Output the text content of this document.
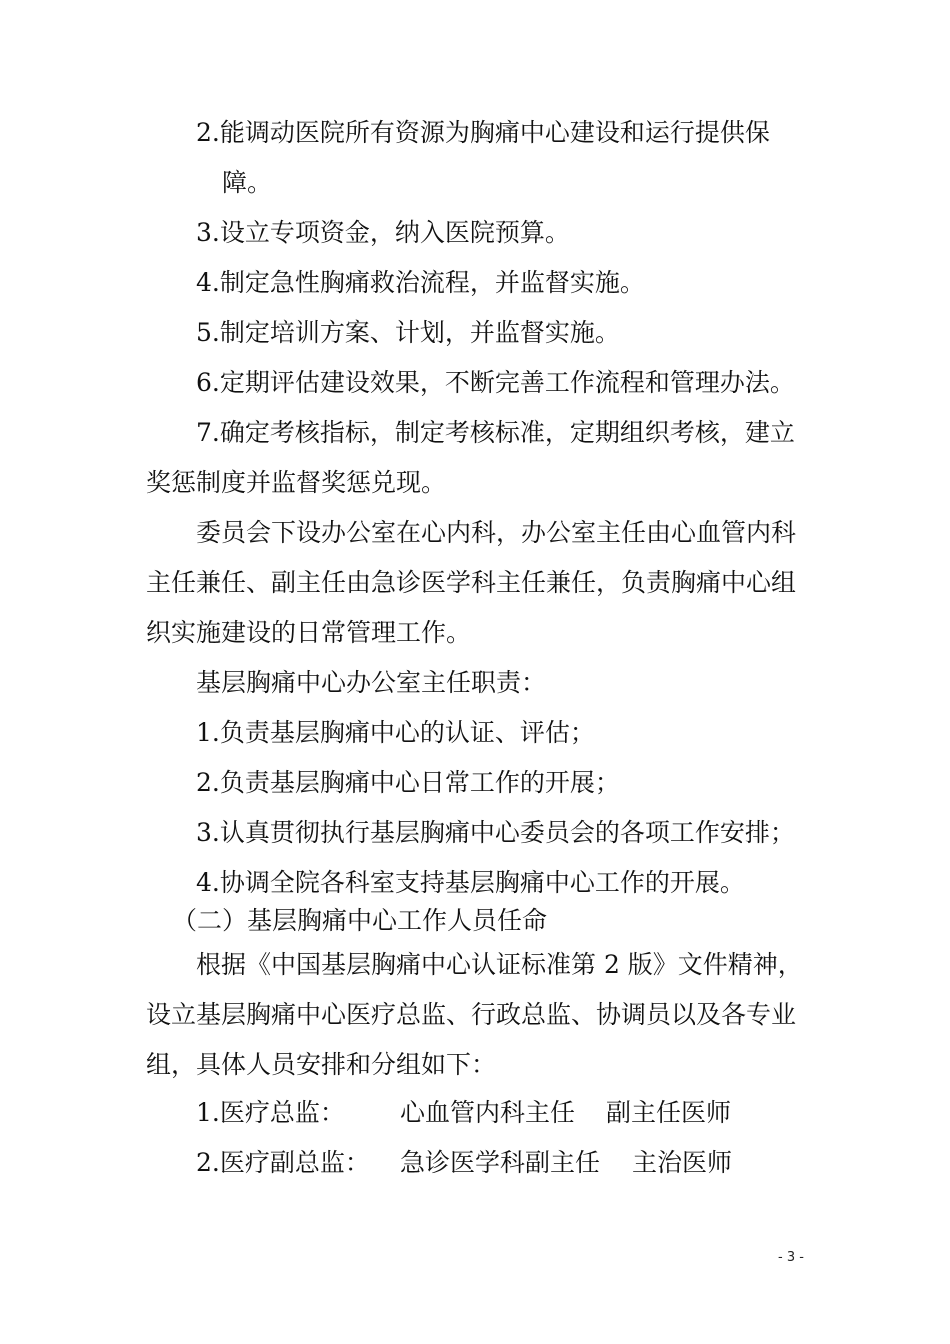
2.能调动医院所有资源为胸痛中心建设和运行提供保

障。

3.设立专项资金，纳入医院预算。

4.制定急性胸痛救治流程，并监督实施。

5.制定培训方案、计划，并监督实施。

6.定期评估建设效果，不断完善工作流程和管理办法。

7.确定考核指标，制定考核标准，定期组织考核，建立

奖惩制度并监督奖惩兑现。

委员会下设办公室在心内科，办公室主任由心血管内科

主任兼任、副主任由急诊医学科主任兼任，负责胸痛中心组

织实施建设的日常管理工作。

基层胸痛中心办公室主任职责：

1.负责基层胸痛中心的认证、评估；

2.负责基层胸痛中心日常工作的开展；

3.认真贯彻执行基层胸痛中心委员会的各项工作安排；

4.协调全院各科室支持基层胸痛中心工作的开展。

（二）基层胸痛中心工作人员任命

根据《中国基层胸痛中心认证标准第 2 版》文件精神，

设立基层胸痛中心医疗总监、行政总监、协调员以及各专业

组，具体人员安排和分组如下：

1.医疗总监： 心血管内科主任 副主任医师
2.医疗副总监： 急诊医学科副主任 主治医师
- 3 -
